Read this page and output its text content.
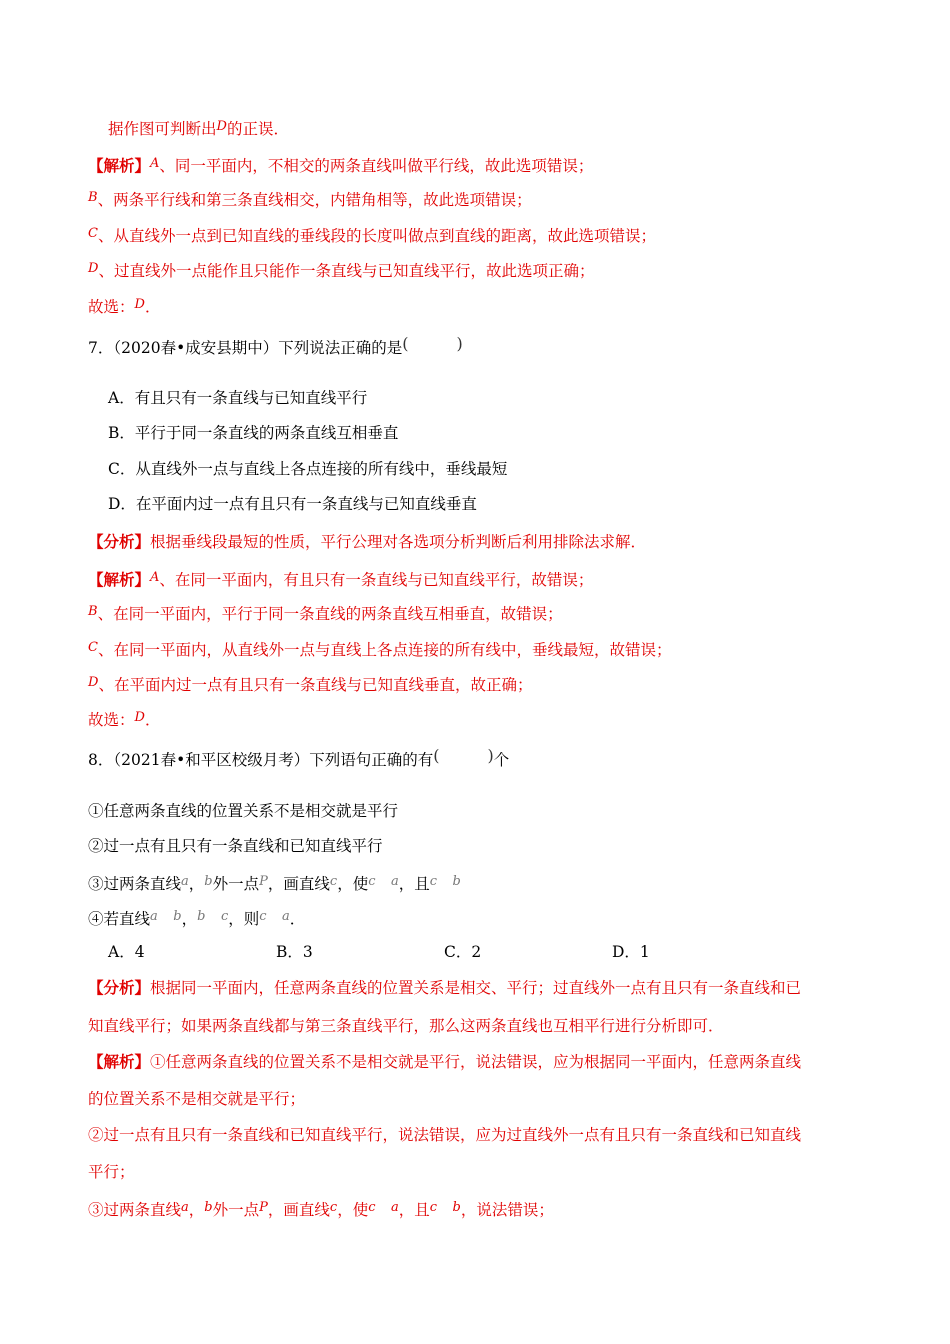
据作图可判断出$^D$的正误．
【解析】$^A$、同一平面内，不相交的两条直线叫做平行线，故此选项错误；
$^B$、两条平行线和第三条直线相交，内错角相等，故此选项错误；
$^C$、从直线外一点到已知直线的垂线段的长度叫做点到直线的距离，故此选项错误；
$^D$、过直线外一点能作且只能作一条直线与已知直线平行，故此选项正确；
故选：$^D$．
7．（2020春•成安县期中）下列说法正确的是(　　　)
A．有且只有一条直线与已知直线平行
B．平行于同一条直线的两条直线互相垂直
C．从直线外一点与直线上各点连接的所有线中，垂线最短
D．在平面内过一点有且只有一条直线与已知直线垂直
【分析】根据垂线段最短的性质，平行公理对各选项分析判断后利用排除法求解．
【解析】$^A$、在同一平面内，有且只有一条直线与已知直线平行，故错误；
$^B$、在同一平面内，平行于同一条直线的两条直线互相垂直，故错误；
$^C$、在同一平面内，从直线外一点与直线上各点连接的所有线中，垂线最短，故错误；
$^D$、在平面内过一点有且只有一条直线与已知直线垂直，故正确；
故选：$^D$．
8．（2021春•和平区校级月考）下列语句正确的有(　　　)个
①任意两条直线的位置关系不是相交就是平行
②过一点有且只有一条直线和已知直线平行
③过两条直线$^a$，$^b$外一点$^P$，画直线$^c$，使$^c$  $^a$，且$^c$  $^b$
④若直线$^a$  $^b$，$^b$  $^c$，则$^c$  $^a$．
A．4	B．3	C．2	D．1
【分析】根据同一平面内，任意两条直线的位置关系是相交、平行；过直线外一点有且只有一条直线和已
知直线平行；如果两条直线都与第三条直线平行，那么这两条直线也互相平行进行分析即可．
【解析】①任意两条直线的位置关系不是相交就是平行，说法错误，应为根据同一平面内，任意两条直线
的位置关系不是相交就是平行；
②过一点有且只有一条直线和已知直线平行，说法错误，应为过直线外一点有且只有一条直线和已知直线
平行；
③过两条直线$^a$，$^b$外一点$^P$，画直线$^c$，使$^c$  $^a$，且$^c$  $^b$，说法错误；
